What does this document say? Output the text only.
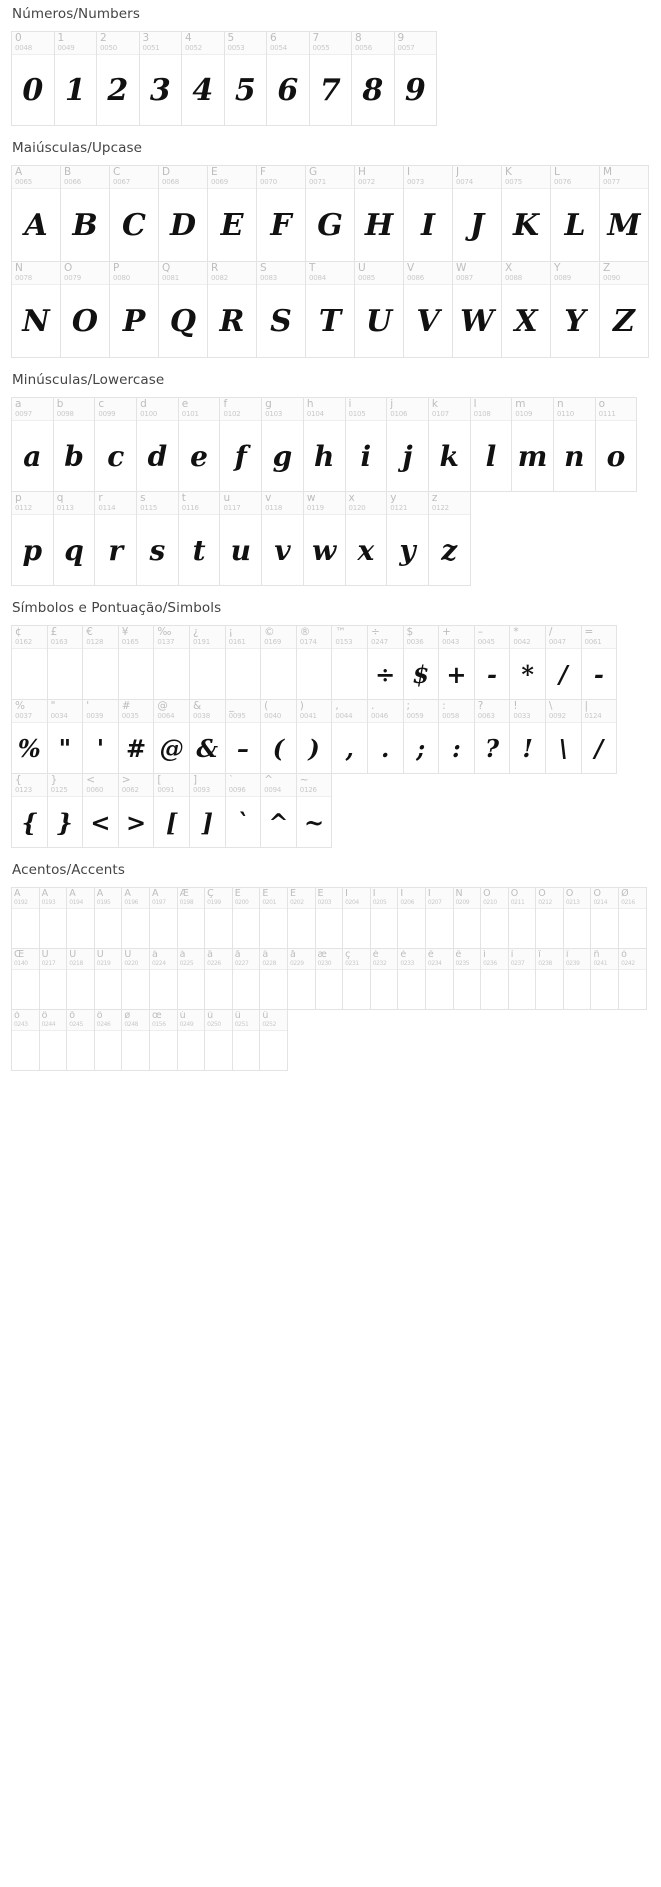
Números/Numbers
0
0048
0
1
0049
1
2
0050
2
3
0051
3
4
0052
4
5
0053
5
6
0054
6
7
0055
7
8
0056
8
9
0057
9
Maiúsculas/Upcase
A
0065
A
B
0066
B
C
0067
C
D
0068
D
E
0069
E
F
0070
F
G
0071
G
H
0072
H
I
0073
I
J
0074
J
K
0075
K
L
0076
L
M
0077
M
N
0078
N
O
0079
O
P
0080
P
Q
0081
Q
R
0082
R
S
0083
S
T
0084
T
U
0085
U
V
0086
V
W
0087
W
X
0088
X
Y
0089
Y
Z
0090
Z
Minúsculas/Lowercase
a
0097
a
b
0098
b
c
0099
c
d
0100
d
e
0101
e
f
0102
f
g
0103
g
h
0104
h
i
0105
i
j
0106
j
k
0107
k
l
0108
l
m
0109
m
n
0110
n
o
0111
o
p
0112
p
q
0113
q
r
0114
r
s
0115
s
t
0116
t
u
0117
u
v
0118
v
w
0119
w
x
0120
x
y
0121
y
z
0122
z
Símbolos e Pontuação/Simbols
¢
0162
£
0163
€
0128
¥
0165
‰
0137
¿
0191
¡
0161
©
0169
®
0174
™
0153
÷
0247
÷
$
0036
$
+
0043
+
–
0045
-
*
0042
*
/
0047
/
=
0061
-
%
0037
%
"
0034
"
'
0039
'
#
0035
#
@
0064
@
&
0038
&
_
0095
–
(
0040
(
)
0041
)
,
0044
,
.
0046
.
;
0059
;
:
0058
:
?
0063
?
!
0033
!
\
0092
\
|
0124
/
{
0123
{
}
0125
}
<
0060
<
>
0062
>
[
0091
[
]
0093
]
`
0096
`
^
0094
^
~
0126
~
Acentos/Accents
À
0192
Á
0193
Â
0194
Ã
0195
Ä
0196
Å
0197
Æ
0198
Ç
0199
È
0200
É
0201
Ê
0202
Ë
0203
Ì
0204
Í
0205
Î
0206
Ï
0207
Ñ
0209
Ò
0210
Ó
0211
Ô
0212
Õ
0213
Ö
0214
Ø
0216
Œ
0140
Ù
0217
Ú
0218
Û
0219
Ü
0220
à
0224
á
0225
â
0226
ã
0227
ä
0228
å
0229
æ
0230
ç
0231
è
0232
é
0233
ê
0234
ë
0235
ì
0236
í
0237
î
0238
ï
0239
ñ
0241
ò
0242
ó
0243
ô
0244
õ
0245
ö
0246
ø
0248
œ
0156
ù
0249
ú
0250
û
0251
ü
0252
